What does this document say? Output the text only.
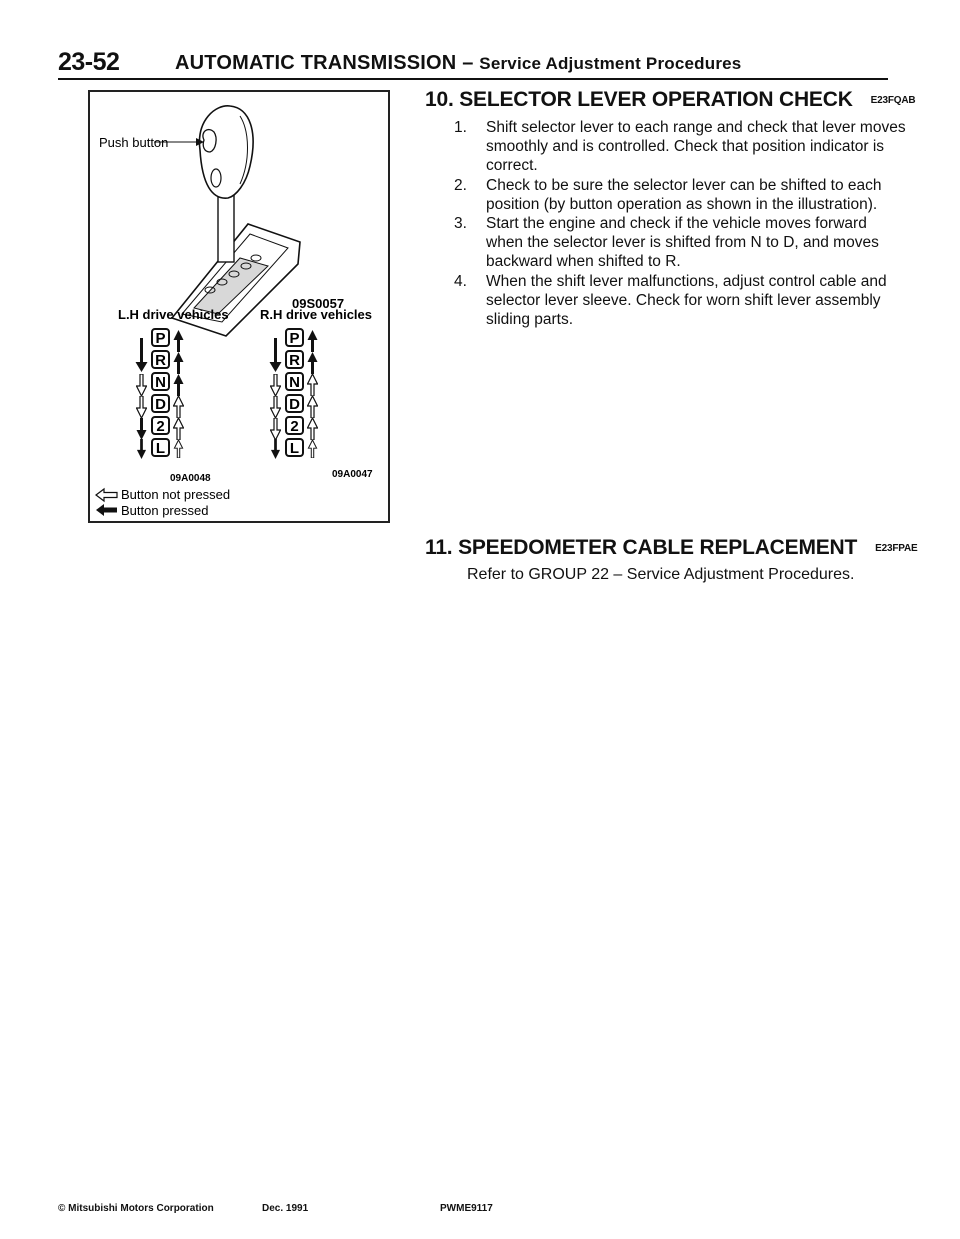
23-52	AUTOMATIC TRANSMISSION – Service Adjustment Procedures
Push button
09S0057
L.H drive vehicles R.H drive vehicles
P
R
N
D
2
L
P
R
N
D
2
L
09A0048	09A0047
Button not pressed
Button pressed
10. SELECTOR LEVER OPERATION CHECK E23FQAB
1. Shift selector lever to each range and check that lever moves smoothly and is controlled. Check that position indicator is correct.
2. Check to be sure the selector lever can be shifted to each position (by button operation as shown in the illustration).
3. Start the engine and check if the vehicle moves forward when the selector lever is shifted from N to D, and moves backward when shifted to R.
4. When the shift lever malfunctions, adjust control cable and selector lever sleeve. Check for worn shift lever assembly sliding parts.
11. SPEEDOMETER CABLE REPLACEMENT E23FPAE
Refer to GROUP 22 – Service Adjustment Procedures.
© Mitsubishi Motors Corporation	Dec. 1991	PWME9117
